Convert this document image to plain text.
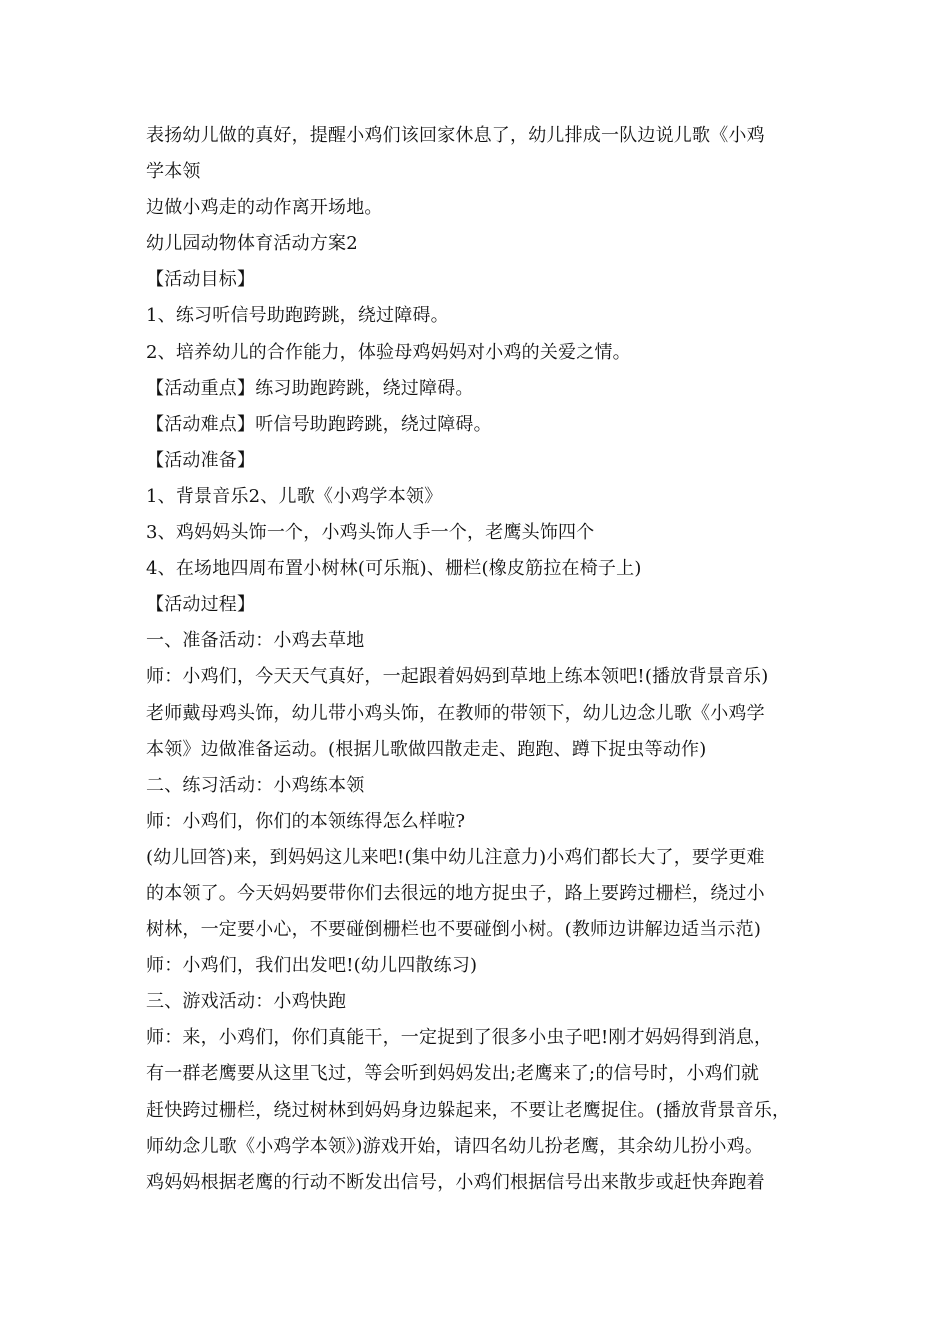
表扬幼儿做的真好，提醒小鸡们该回家休息了，幼儿排成一队边说儿歌《小鸡
学本领
边做小鸡走的动作离开场地。
幼儿园动物体育活动方案2
【活动目标】
1、练习听信号助跑跨跳，绕过障碍。
2、培养幼儿的合作能力，体验母鸡妈妈对小鸡的关爱之情。
【活动重点】练习助跑跨跳，绕过障碍。
【活动难点】听信号助跑跨跳，绕过障碍。
【活动准备】
1、背景音乐2、儿歌《小鸡学本领》
3、鸡妈妈头饰一个，小鸡头饰人手一个，老鹰头饰四个
4、在场地四周布置小树林(可乐瓶)、栅栏(橡皮筋拉在椅子上)
【活动过程】
一、准备活动：小鸡去草地
师：小鸡们，今天天气真好，一起跟着妈妈到草地上练本领吧!(播放背景音乐)
老师戴母鸡头饰，幼儿带小鸡头饰，在教师的带领下，幼儿边念儿歌《小鸡学
本领》边做准备运动。(根据儿歌做四散走走、跑跑、蹲下捉虫等动作)
二、练习活动：小鸡练本领
师：小鸡们，你们的本领练得怎么样啦?
(幼儿回答)来，到妈妈这儿来吧!(集中幼儿注意力)小鸡们都长大了，要学更难
的本领了。今天妈妈要带你们去很远的地方捉虫子，路上要跨过栅栏，绕过小
树林，一定要小心，不要碰倒栅栏也不要碰倒小树。(教师边讲解边适当示范)
师：小鸡们，我们出发吧!(幼儿四散练习)
三、游戏活动：小鸡快跑
师：来，小鸡们，你们真能干，一定捉到了很多小虫子吧!刚才妈妈得到消息，
有一群老鹰要从这里飞过，等会听到妈妈发出;老鹰来了;的信号时，小鸡们就
赶快跨过栅栏，绕过树林到妈妈身边躲起来，不要让老鹰捉住。(播放背景音乐，
师幼念儿歌《小鸡学本领》)游戏开始，请四名幼儿扮老鹰，其余幼儿扮小鸡。
鸡妈妈根据老鹰的行动不断发出信号，小鸡们根据信号出来散步或赶快奔跑着
